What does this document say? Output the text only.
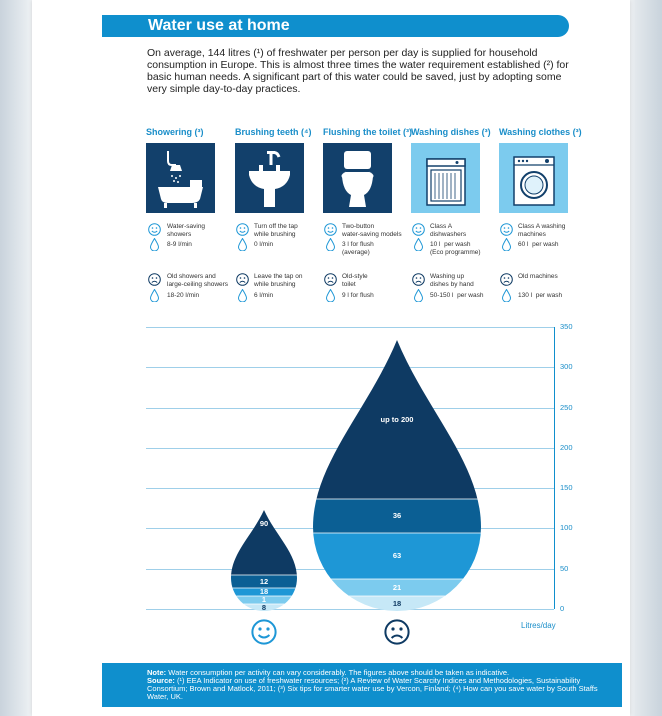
Water use at home
On average, 144 litres (¹) of freshwater per person per day is supplied for household consumption in Europe. This is almost three times the water requirement established (²) for basic human needs. A significant part of this water could be saved, just by adopting some very simple day-to-day practices.
Showering (³)	Brushing teeth (⁴) Flushing the toilet (³) Washing dishes (³) Washing clothes (³)
Water-saving
showers
8-9 l/min
Turn off the tap
while brushing
0 l/min
Two-button
water-saving models
3 l for flush
(average)
Class A
dishwashers
10 l  per wash
(Eco programme)
Class A washing
machines
60 l  per wash
Old showers and
large-ceiling showers
18-20 l/min
Leave the tap on
while brushing
6 l/min
Old-style
toilet
9 l for flush
Washing up
dishes by hand
50-150 l  per wash
Old machines
130 l  per wash
0
50
100
150
200
250
300
350
8
1
18
12
90
18
21
63
36
up to 200
Litres/day
Note: Water consumption per activity can vary considerably. The figures above should be taken as indicative.
Source: (¹) EEA Indicator on use of freshwater resources; (²) A Review of Water Scarcity Indices and Methodologies, Sustainability Consortium; Brown and Matlock, 2011; (³) Six tips for smarter water use by Vercon, Finland; (⁴) How can you save water by South Staffs Water, UK.
